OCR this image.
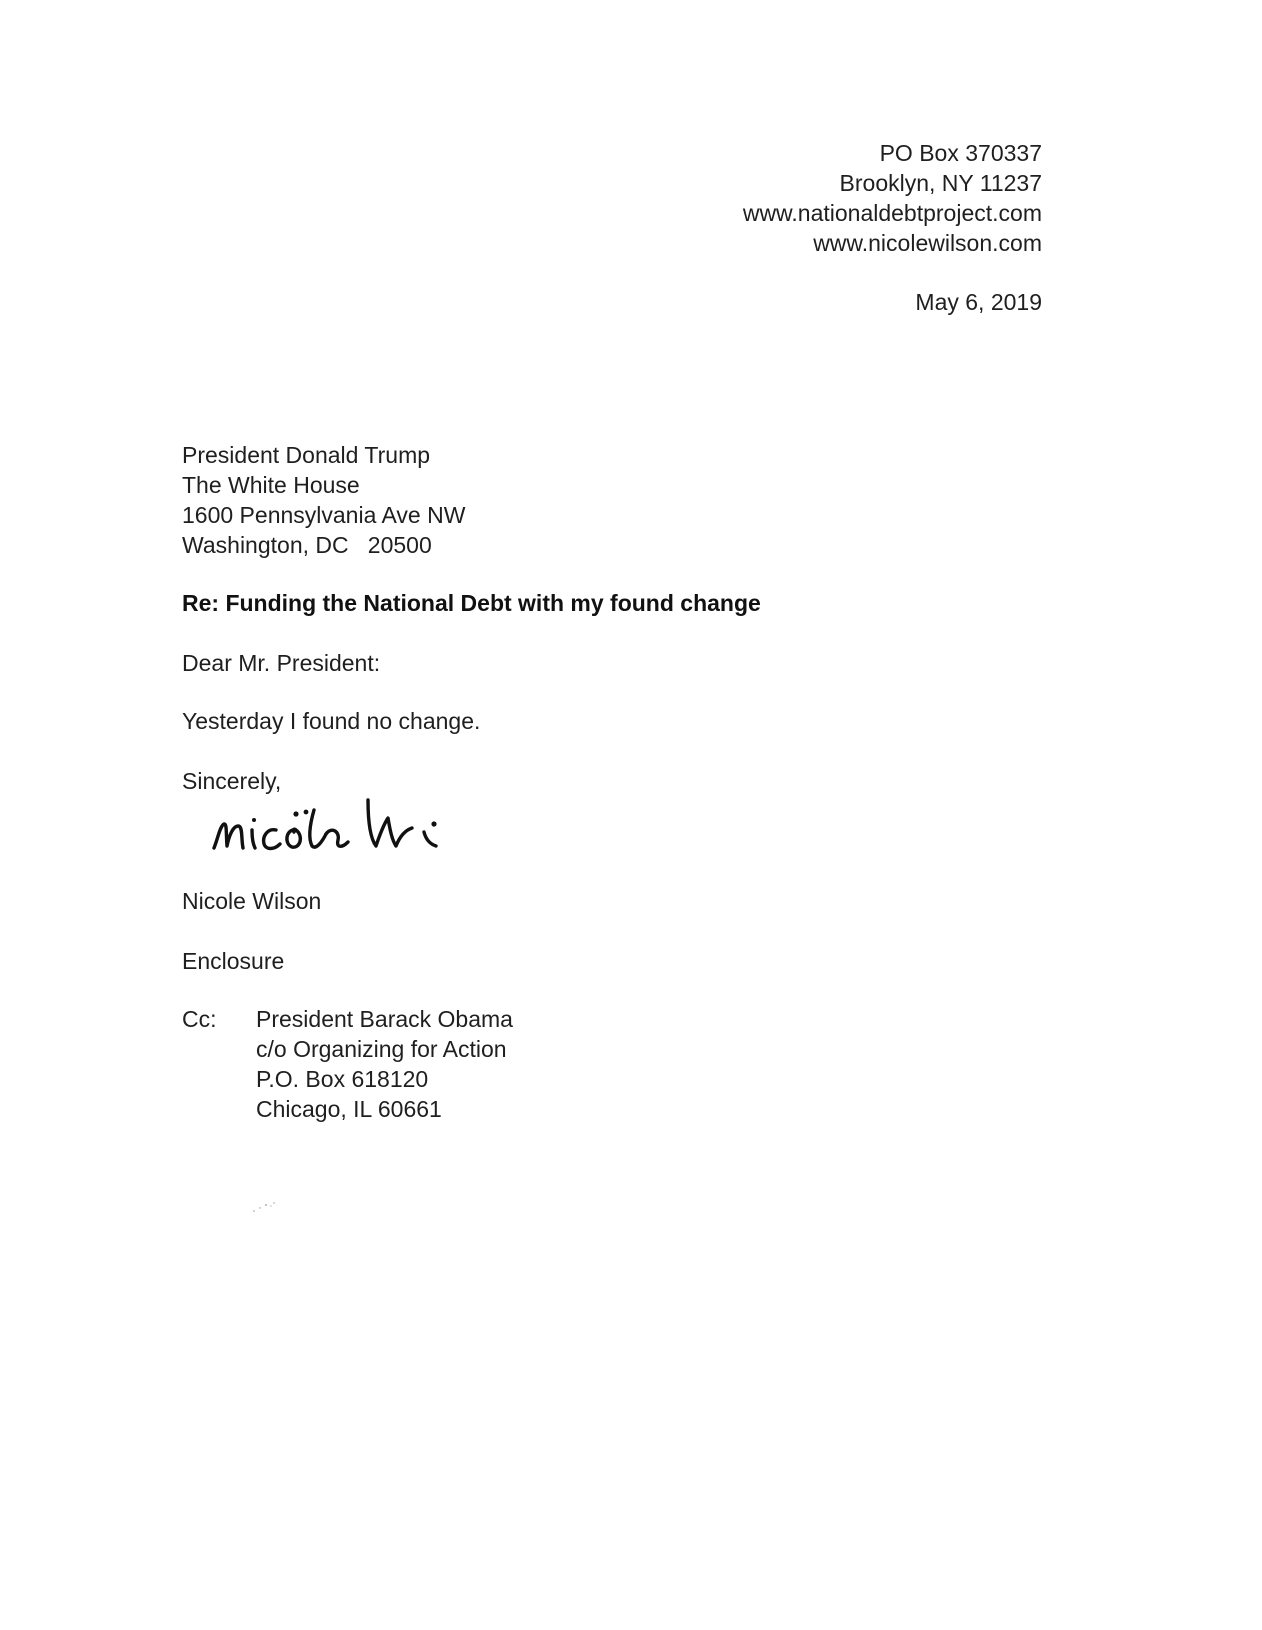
PO Box 370337
Brooklyn, NY 11237
www.nationaldebtproject.com
www.nicolewilson.com
May 6, 2019
President Donald Trump
The White House
1600 Pennsylvania Ave NW
Washington, DC   20500
Re: Funding the National Debt with my found change
Dear Mr. President:
Yesterday I found no change.
Sincerely,
Nicole Wilson
Enclosure
Cc: President Barack Obama
c/o Organizing for Action
P.O. Box 618120
Chicago, IL 60661
